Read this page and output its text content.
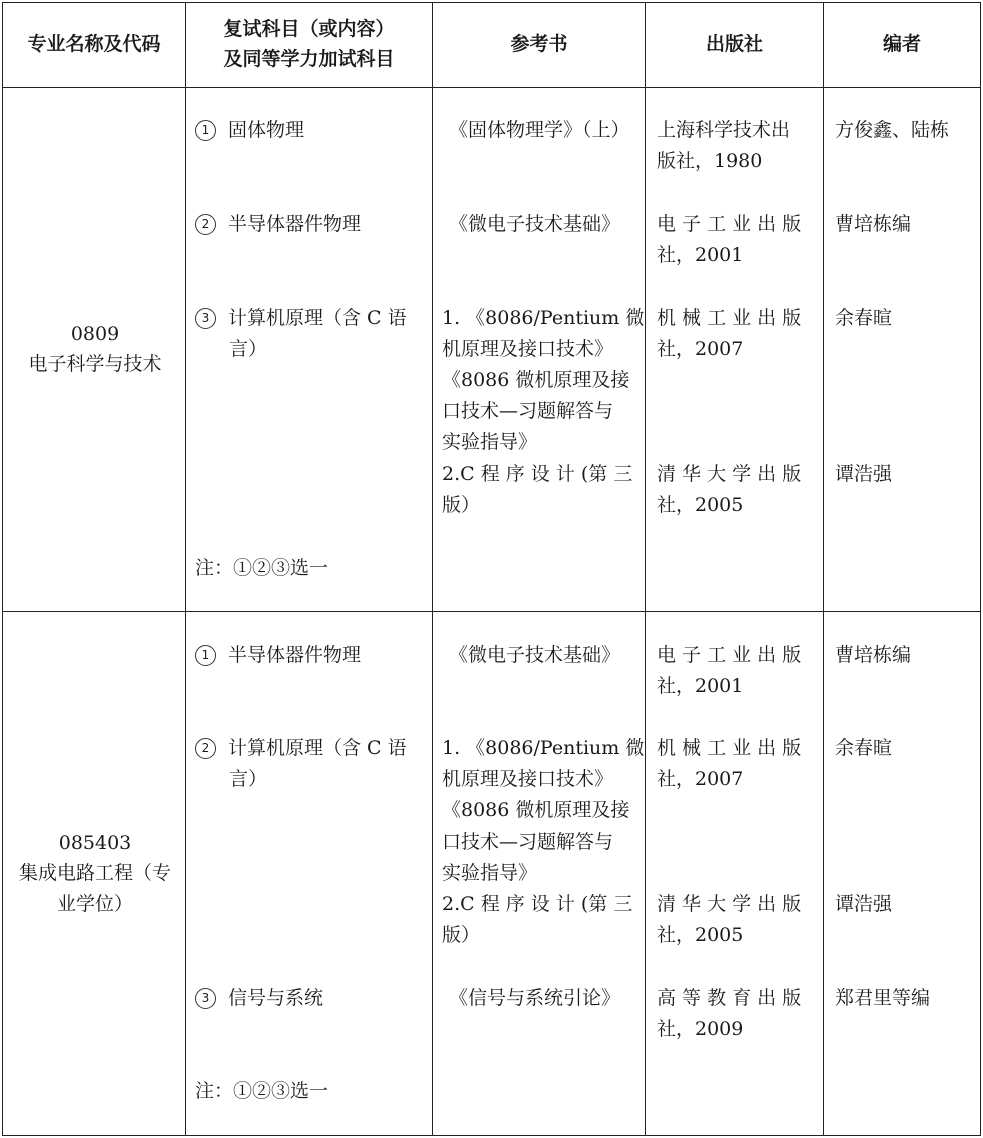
专业名称及代码
复试科目（或内容）
及同等学力加试科目
参考书	出版社	编者
0809
电子科学与技术
1 固体物理
2 半导体器件物理
3 计算机原理（含 C 语
言）
注：①②③选一
《固体物理学》（上）
《微电子技术基础》
1. 《8086/Pentium 微
机原理及接口技术》
《8086 微机原理及接
口技术—习题解答与
实验指导》
2.C 程 序 设 计 (第 三
版）
上海科学技术出
版社，1980
电 子 工 业 出 版
社，2001
机 械 工 业 出 版
社，2007
清 华 大 学 出 版
社，2005
方俊鑫、陆栋
曹培栋编
余春暄
谭浩强
085403
集成电路工程（专
业学位）
1 半导体器件物理
2 计算机原理（含 C 语
言）
3 信号与系统
注：①②③选一
《微电子技术基础》
1. 《8086/Pentium 微
机原理及接口技术》
《8086 微机原理及接
口技术—习题解答与
实验指导》
2.C 程 序 设 计 (第 三
版）
《信号与系统引论》
电 子 工 业 出 版
社，2001
机 械 工 业 出 版
社，2007
清 华 大 学 出 版
社，2005
高 等 教 育 出 版
社，2009
曹培栋编
余春暄
谭浩强
郑君里等编
